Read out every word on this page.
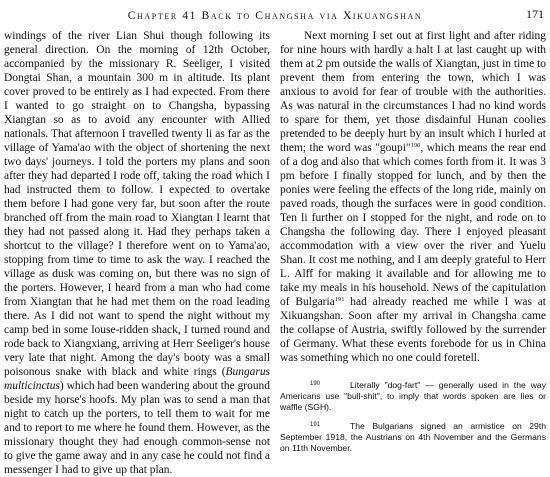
Chapter 41 Back to Changsha via Xikuangshan	171

windings of the river Lian Shui though following its general direction. On the morning of 12th October, accompanied by the missionary R. Seeliger, I visited Dongtai Shan, a mountain 300 m in altitude. Its plant cover proved to be entirely as I had expected. From there I wanted to go straight on to Changsha, bypassing Xiangtan so as to avoid any encounter with Allied nationals. That afternoon I travelled twenty li as far as the village of Yama'ao with the object of shortening the next two days' journeys. I told the porters my plans and soon after they had departed I rode off, taking the road which I had instructed them to follow. I expected to overtake them before I had gone very far, but soon after the route branched off from the main road to Xiangtan I learnt that they had not passed along it. Had they perhaps taken a shortcut to the village? I therefore went on to Yama'ao, stopping from time to time to ask the way. I reached the village as dusk was coming on, but there was no sign of the porters. However, I heard from a man who had come from Xiangtan that he had met them on the road leading there. As I did not want to spend the night without my camp bed in some louse-ridden shack, I turned round and rode back to Xiangxiang, arriving at Herr Seeliger's house very late that night. Among the day's booty was a small poisonous snake with black and white rings (Bungarus multicinctus) which had been wandering about the ground beside my horse's hoofs. My plan was to send a man that night to catch up the porters, to tell them to wait for me and to report to me where he found them. However, as the missionary thought they had enough common-sense not to give the game away and in any case he could not find a messenger I had to give up that plan.

Next morning I set out at first light and after riding for nine hours with hardly a halt I at last caught up with them at 2 pm outside the walls of Xiangtan, just in time to prevent them from entering the town, which I was anxious to avoid for fear of trouble with the authorities. As was natural in the circumstances I had no kind words to spare for them, yet those disdainful Hunan coolies pretended to be deeply hurt by an insult which I hurled at them; the word was "goupi"$^{190}$, which means the rear end of a dog and also that which comes forth from it. It was 3 pm before I finally stopped for lunch, and by then the ponies were feeling the effects of the long ride, mainly on paved roads, though the surfaces were in good condition. Ten li further on I stopped for the night, and rode on to Changsha the following day. There I enjoyed pleasant accommodation with a view over the river and Yuelu Shan. It cost me nothing, and I am deeply grateful to Herr L. Alff for making it available and for allowing me to take my meals in his household. News of the capitulation of Bulgaria$^{191}$ had already reached me while I was at Xikuangshan. Soon after my arrival in Changsha came the collapse of Austria, swiftly followed by the surrender of Germany. What these events forebode for us in China was something which no one could foretell.

$^{190}$	Literally "dog-fart" — generally used in the way Americans use "bull-shit", to imply that words spoken are lies or waffle (SGH).

$^{191}$	The Bulgarians signed an armistice on 29th September 1918, the Austrians on 4th November and the Germans on 11th November.
